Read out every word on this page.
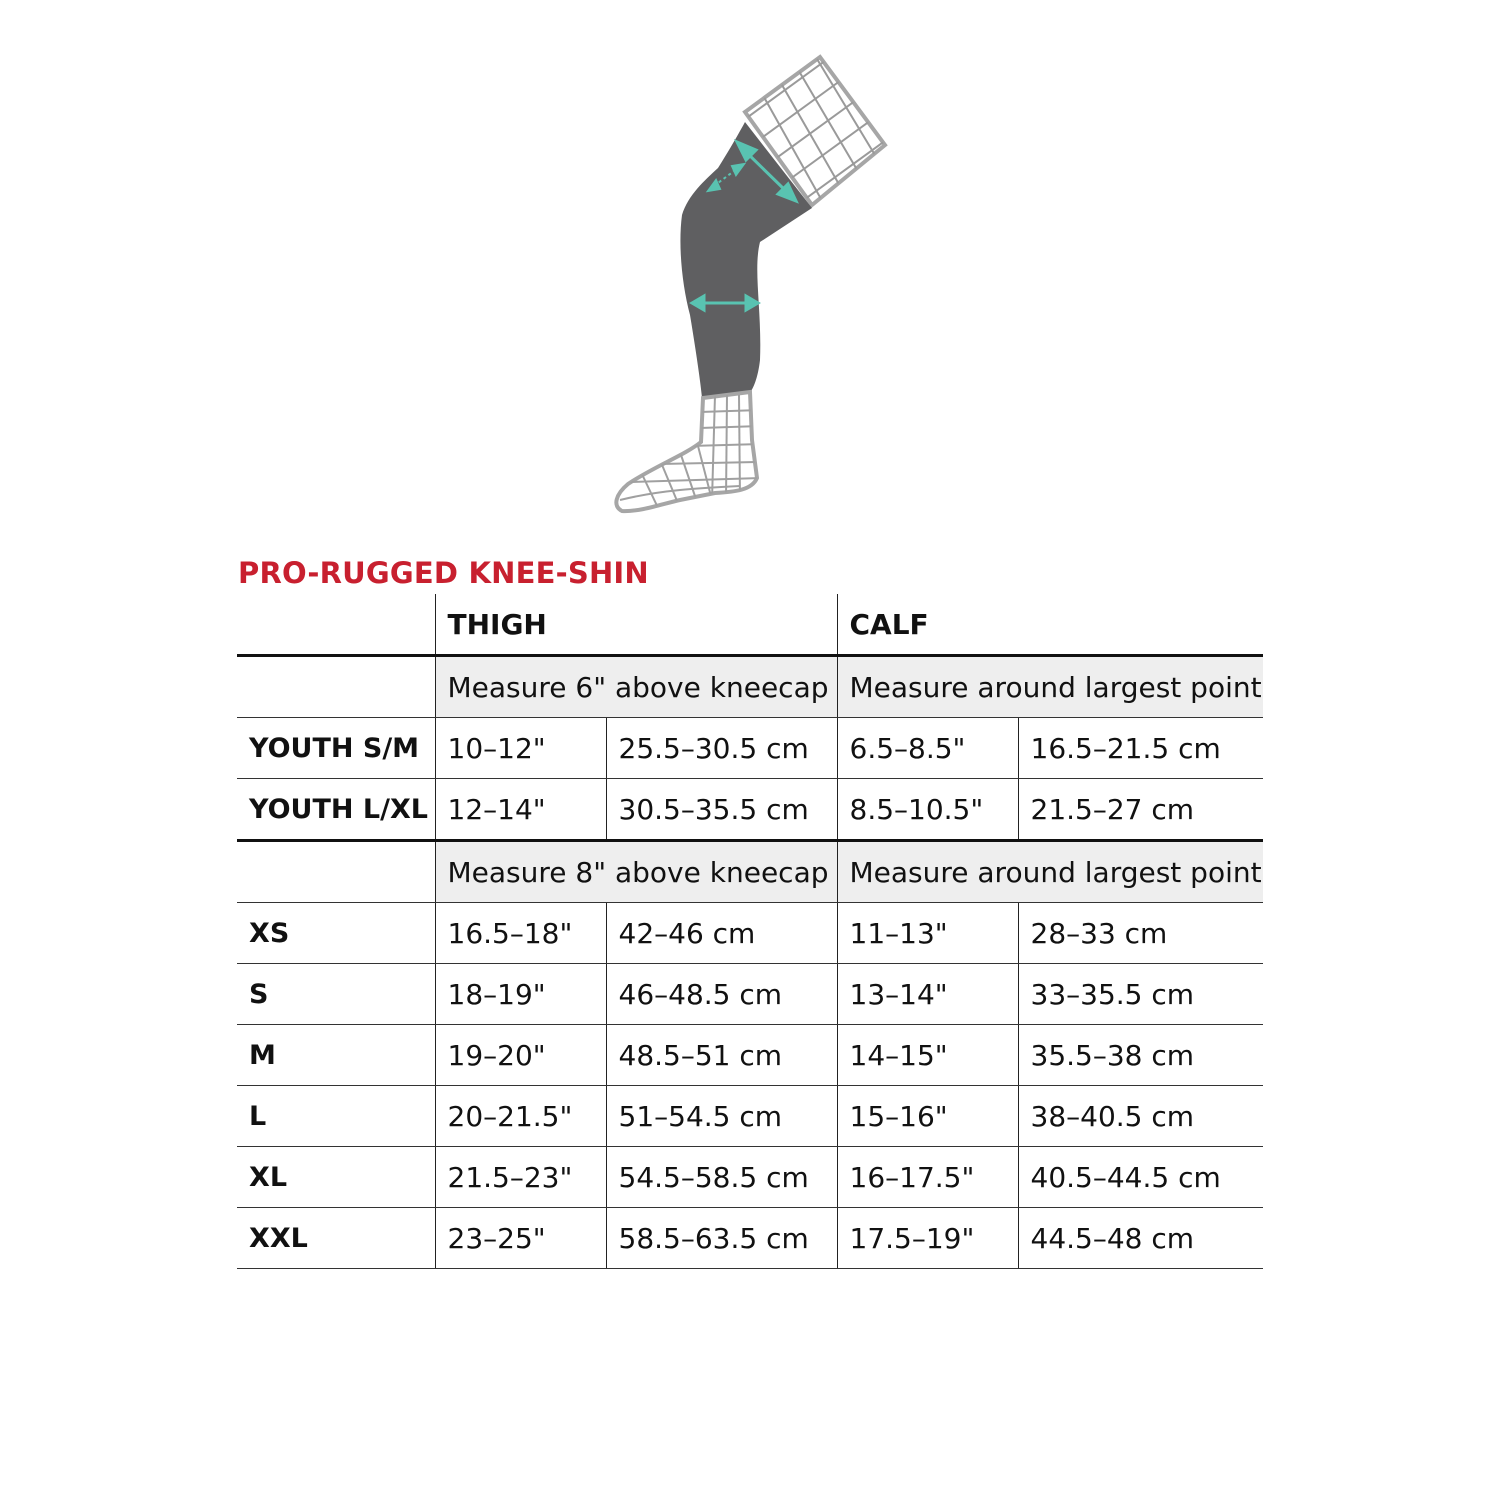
PRO-RUGGED KNEE-SHIN
	THIGH		CALF	
	Measure 6" above kneecap		Measure around largest point	
YOUTH S/M	10–12"	25.5–30.5 cm	6.5–8.5"	16.5–21.5 cm
YOUTH L/XL	12–14"	30.5–35.5 cm	8.5–10.5"	21.5–27 cm
	Measure 8" above kneecap		Measure around largest point	
XS	16.5–18"	42–46 cm	11–13"	28–33 cm
S	18–19"	46–48.5 cm	13–14"	33–35.5 cm
M	19–20"	48.5–51 cm	14–15"	35.5–38 cm
L	20–21.5"	51–54.5 cm	15–16"	38–40.5 cm
XL	21.5–23"	54.5–58.5 cm	16–17.5"	40.5–44.5 cm
XXL	23–25"	58.5–63.5 cm	17.5–19"	44.5–48 cm
